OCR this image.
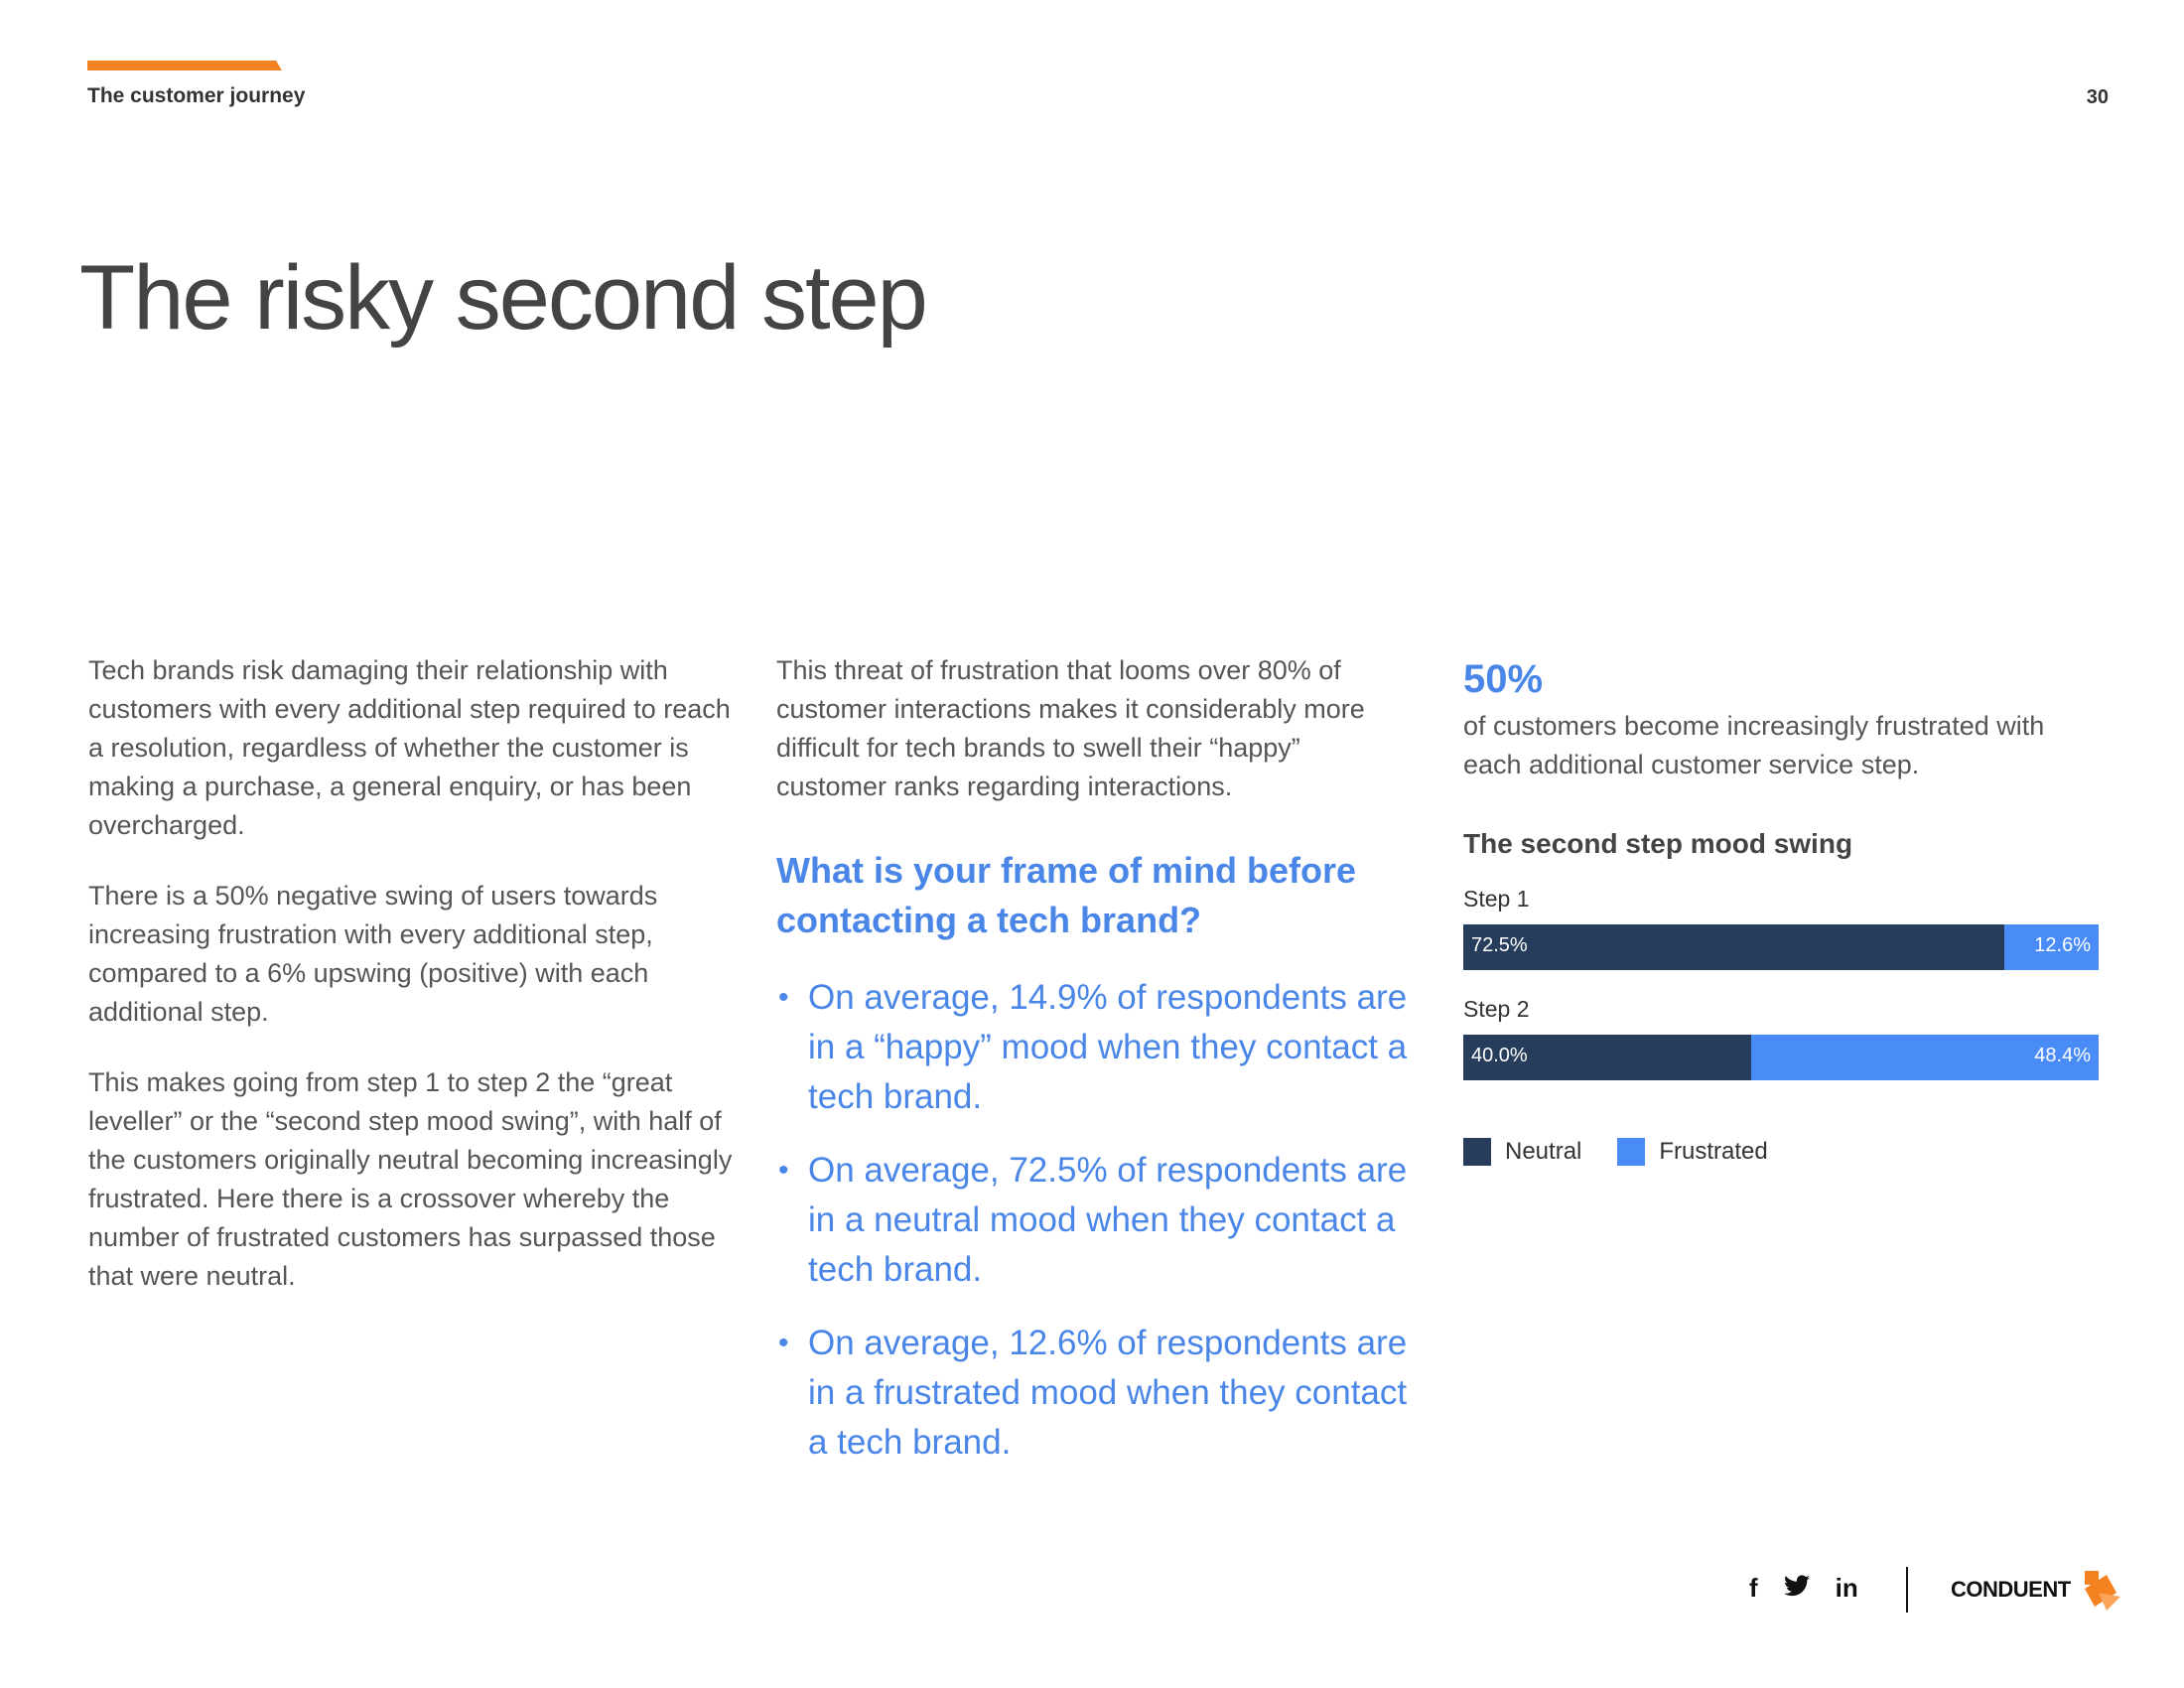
The customer journey	30
The risky second step

Tech brands risk damaging their relationship with customers with every additional step required to reach a resolution, regardless of whether the customer is making a purchase, a general enquiry, or has been overcharged.

There is a 50% negative swing of users towards increasing frustration with every additional step, compared to a 6% upswing (positive) with each additional step.

This makes going from step 1 to step 2 the “great leveller” or the “second step mood swing”, with half of the customers originally neutral becoming increasingly frustrated. Here there is a crossover whereby the number of frustrated customers has surpassed those that were neutral.

This threat of frustration that looms over 80% of customer interactions makes it considerably more difficult for tech brands to swell their “happy” customer ranks regarding interactions.

What is your frame of mind before contacting a tech brand?
• On average, 14.9% of respondents are in a “happy” mood when they contact a tech brand.
• On average, 72.5% of respondents are in a neutral mood when they contact a tech brand.
• On average, 12.6% of respondents are in a frustrated mood when they contact a tech brand.
50%
of customers become increasingly frustrated with each additional customer service step.
The second step mood swing
Step 1
72.5%	12.6%
Step 2
40.0%	48.4%
Neutral	Frustrated
f	in	CONDUENT
